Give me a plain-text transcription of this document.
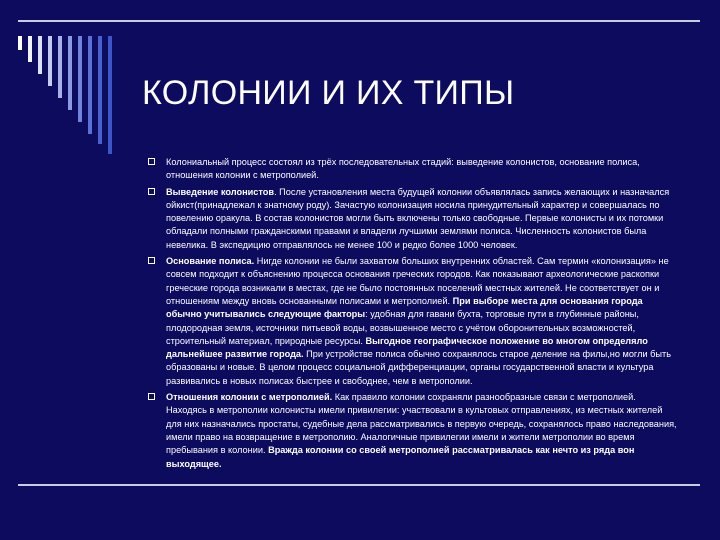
КОЛОНИИ И ИХ ТИПЫ
Колониальный процесс состоял из трёх последовательных стадий: выведение колонистов, основание полиса, отношения колонии с метрополией.
Выведение колонистов. После установления места будущей колонии объявлялась запись желающих и назначался ойкист(принадлежал к знатному роду). Зачастую колонизация носила принудительный характер и совершалась по повелению оракула. В состав колонистов могли быть включены только свободные. Первые колонисты и их потомки обладали полными гражданскими правами и владели лучшими землями полиса. Численность колонистов была невелика. В экспедицию отправлялось не менее 100 и редко более 1000 человек.
Основание полиса. Нигде колонии не были захватом больших внутренних областей. Сам термин «колонизация» не совсем подходит к объяснению процесса основания греческих городов. Как показывают археологические раскопки греческие города возникали в местах, где не было постоянных поселений местных жителей. Не соответствует он и отношениям между вновь основанными полисами и метрополией. При выборе места для основания города обычно учитывались следующие факторы: удобная для гавани бухта, торговые пути в глубинные районы, плодородная земля, источники питьевой воды, возвышенное место с учётом оборонительных возможностей, строительный материал, природные ресурсы. Выгодное географическое положение во многом определяло дальнейшее развитие города. При устройстве полиса обычно сохранялось старое деление на филы,но могли быть образованы и новые. В целом процесс социальной дифференциации, органы государственной власти и культура развивались в новых полисах быстрее и свободнее, чем в метрополии.
Отношения колонии с метрополией. Как правило колонии сохраняли разнообразные связи с метрополией. Находясь в метрополии колонисты имели привилегии: участвовали в культовых отправлениях, из местных жителей для них назначались простаты, судебные дела рассматривались в первую очередь, сохранялось право наследования, имели право на возвращение в метрополию. Аналогичные привилегии имели и жители метрополии во время пребывания в колонии. Вражда колонии со своей метрополией рассматривалась как нечто из ряда вон выходящее.
